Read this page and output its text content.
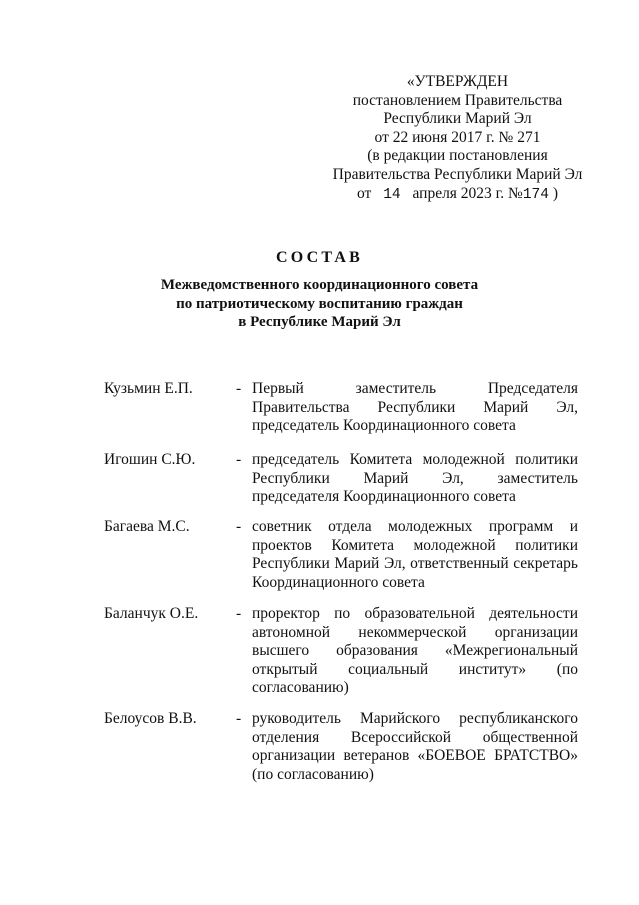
«УТВЕРЖДЕН
постановлением Правительства
Республики Марий Эл
от 22 июня 2017 г. № 271
(в редакции постановления
Правительства Республики Марий Эл
от 14 апреля 2023 г. №174 )
СОСТАВ
Межведомственного координационного совета
по патриотическому воспитанию граждан
в Республике Марий Эл
Кузьмин Е.П.	- Первый заместитель Председателя Правительства Республики Марий Эл, председатель Координационного совета
Игошин С.Ю.	- председатель Комитета молодежной политики Республики Марий Эл, заместитель председателя Координационного совета
Багаева М.С.	- советник отдела молодежных программ и проектов Комитета молодежной политики Республики Марий Эл, ответственный секретарь Координационного совета
Баланчук О.Е. - проректор по образовательной деятельности автономной некоммерческой организации высшего образования «Межрегиональный открытый социальный институт» (по согласованию)
Белоусов В.В.	- руководитель Марийского республиканского отделения Всероссийской общественной организации ветеранов «БОЕВОЕ БРАТСТВО» (по согласованию)
